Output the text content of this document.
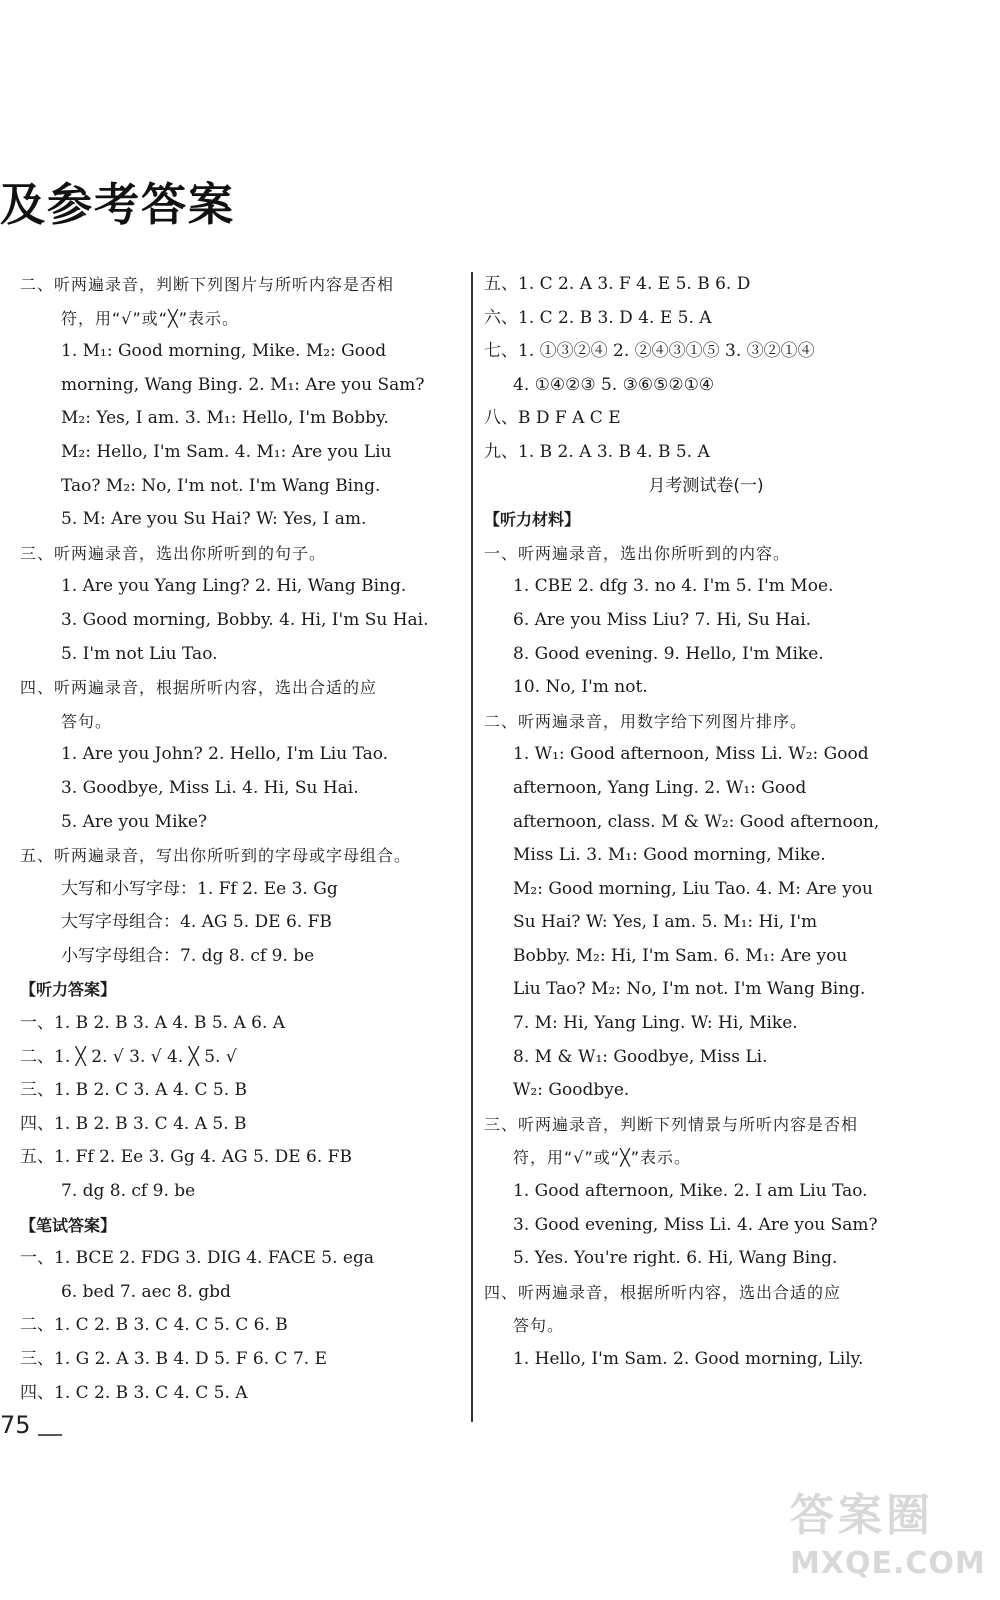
及参考答案
二、听两遍录音，判断下列图片与所听内容是否相
符，用“√”或“╳”表示。
1. M₁: Good morning, Mike. M₂: Good
morning, Wang Bing. 2. M₁: Are you Sam?
M₂: Yes, I am. 3. M₁: Hello, I'm Bobby.
M₂: Hello, I'm Sam. 4. M₁: Are you Liu
Tao? M₂: No, I'm not. I'm Wang Bing.
5. M: Are you Su Hai? W: Yes, I am.
三、听两遍录音，选出你所听到的句子。
1. Are you Yang Ling? 2. Hi, Wang Bing.
3. Good morning, Bobby. 4. Hi, I'm Su Hai.
5. I'm not Liu Tao.
四、听两遍录音，根据所听内容，选出合适的应
答句。
1. Are you John? 2. Hello, I'm Liu Tao.
3. Goodbye, Miss Li. 4. Hi, Su Hai.
5. Are you Mike?
五、听两遍录音，写出你所听到的字母或字母组合。
大写和小写字母：1. Ff 2. Ee 3. Gg
大写字母组合：4. AG 5. DE 6. FB
小写字母组合：7. dg 8. cf 9. be
【听力答案】
一、1. B 2. B 3. A 4. B 5. A 6. A
二、1. ╳ 2. √ 3. √ 4. ╳ 5. √
三、1. B 2. C 3. A 4. C 5. B
四、1. B 2. B 3. C 4. A 5. B
五、1. Ff 2. Ee 3. Gg 4. AG 5. DE 6. FB
7. dg 8. cf 9. be
【笔试答案】
一、1. BCE 2. FDG 3. DIG 4. FACE 5. ega
6. bed 7. aec 8. gbd
二、1. C 2. B 3. C 4. C 5. C 6. B
三、1. G 2. A 3. B 4. D 5. F 6. C 7. E
四、1. C 2. B 3. C 4. C 5. A
五、1. C 2. A 3. F 4. E 5. B 6. D
六、1. C 2. B 3. D 4. E 5. A
七、1. ①③②④ 2. ②④③①⑤ 3. ③②①④
4. ①④②③ 5. ③⑥⑤②①④
八、B D F A C E
九、1. B 2. A 3. B 4. B 5. A
月考测试卷(一)
【听力材料】
一、听两遍录音，选出你所听到的内容。
1. CBE 2. dfg 3. no 4. I'm 5. I'm Moe.
6. Are you Miss Liu? 7. Hi, Su Hai.
8. Good evening. 9. Hello, I'm Mike.
10. No, I'm not.
二、听两遍录音，用数字给下列图片排序。
1. W₁: Good afternoon, Miss Li. W₂: Good
afternoon, Yang Ling. 2. W₁: Good
afternoon, class. M & W₂: Good afternoon,
Miss Li. 3. M₁: Good morning, Mike.
M₂: Good morning, Liu Tao. 4. M: Are you
Su Hai? W: Yes, I am. 5. M₁: Hi, I'm
Bobby. M₂: Hi, I'm Sam. 6. M₁: Are you
Liu Tao? M₂: No, I'm not. I'm Wang Bing.
7. M: Hi, Yang Ling. W: Hi, Mike.
8. M & W₁: Goodbye, Miss Li.
W₂: Goodbye.
三、听两遍录音，判断下列情景与所听内容是否相
符，用“√”或“╳”表示。
1. Good afternoon, Mike. 2. I am Liu Tao.
3. Good evening, Miss Li. 4. Are you Sam?
5. Yes. You're right. 6. Hi, Wang Bing.
四、听两遍录音，根据所听内容，选出合适的应
答句。
1. Hello, I'm Sam. 2. Good morning, Lily.
75
答案圈
MXQE.COM
